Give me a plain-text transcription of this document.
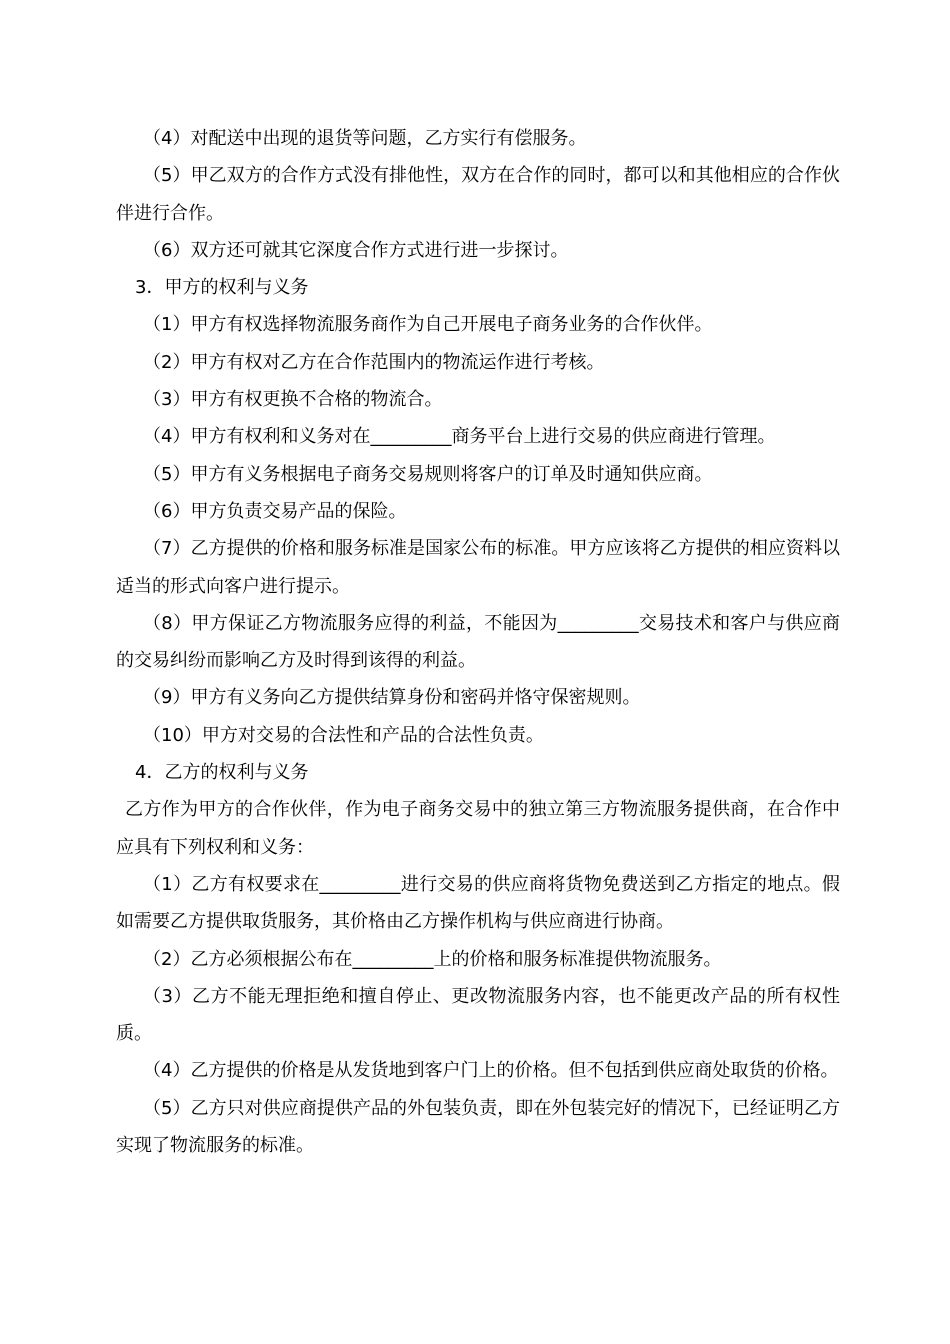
（4）对配送中出现的退货等问题，乙方实行有偿服务。

（5）甲乙双方的合作方式没有排他性，双方在合作的同时，都可以和其他相应的合作伙伴进行合作。

（6）双方还可就其它深度合作方式进行进一步探讨。

3．甲方的权利与义务

（1）甲方有权选择物流服务商作为自己开展电子商务业务的合作伙伴。

（2）甲方有权对乙方在合作范围内的物流运作进行考核。

（3）甲方有权更换不合格的物流合。

（4）甲方有权利和义务对在_________商务平台上进行交易的供应商进行管理。

（5）甲方有义务根据电子商务交易规则将客户的订单及时通知供应商。

（6）甲方负责交易产品的保险。

（7）乙方提供的价格和服务标准是国家公布的标准。甲方应该将乙方提供的相应资料以适当的形式向客户进行提示。

（8）甲方保证乙方物流服务应得的利益，不能因为_________交易技术和客户与供应商的交易纠纷而影响乙方及时得到该得的利益。

（9）甲方有义务向乙方提供结算身份和密码并恪守保密规则。

（10）甲方对交易的合法性和产品的合法性负责。

4．乙方的权利与义务

乙方作为甲方的合作伙伴，作为电子商务交易中的独立第三方物流服务提供商，在合作中应具有下列权利和义务：

（1）乙方有权要求在_________进行交易的供应商将货物免费送到乙方指定的地点。假如需要乙方提供取货服务，其价格由乙方操作机构与供应商进行协商。

（2）乙方必须根据公布在_________上的价格和服务标准提供物流服务。

（3）乙方不能无理拒绝和擅自停止、更改物流服务内容，也不能更改产品的所有权性质。

（4）乙方提供的价格是从发货地到客户门上的价格。但不包括到供应商处取货的价格。

（5）乙方只对供应商提供产品的外包装负责，即在外包装完好的情况下，已经证明乙方实现了物流服务的标准。
